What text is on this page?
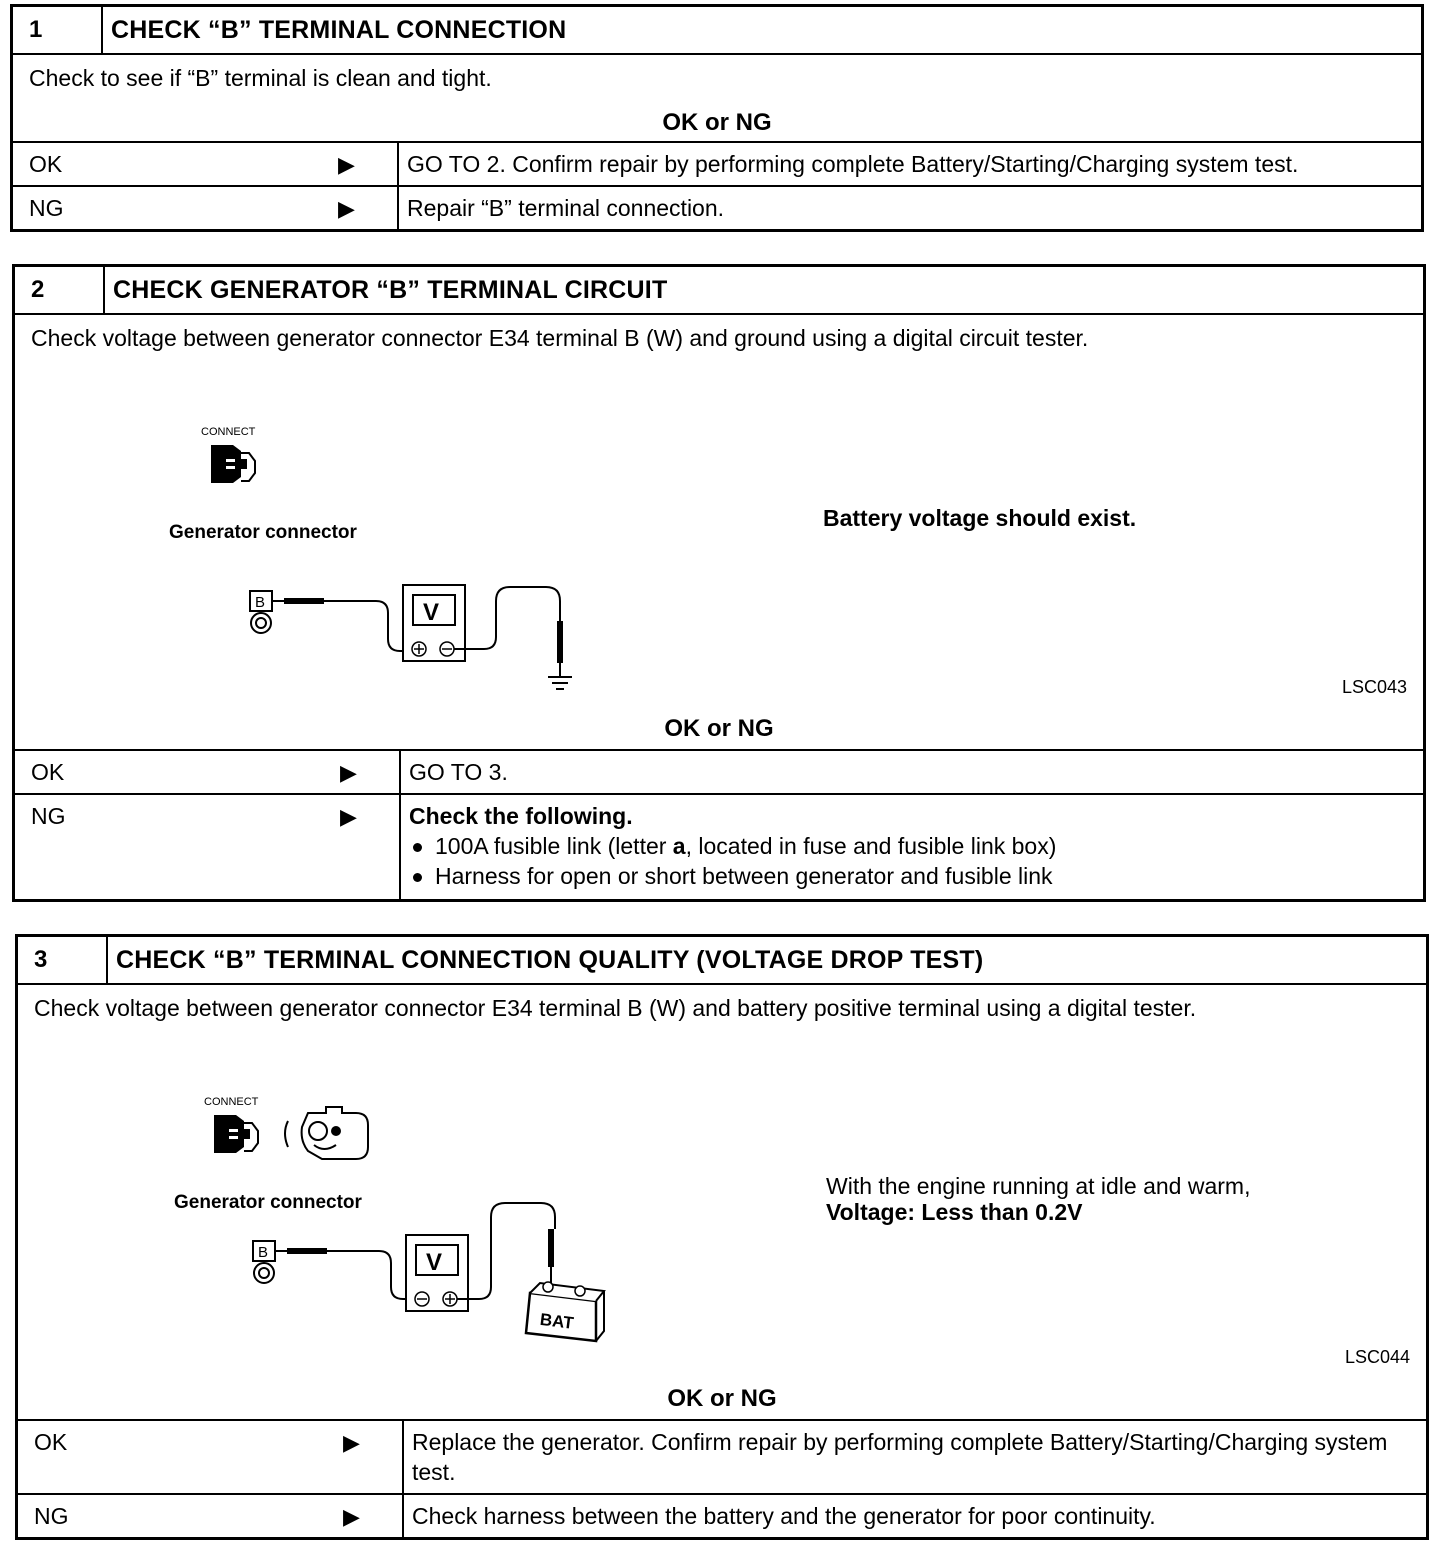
1	CHECK “B” TERMINAL CONNECTION
Check to see if “B” terminal is clean and tight.
OK or NG
OK	▶ GO TO 2. Confirm repair by performing complete Battery/Starting/Charging system test.
NG	▶ Repair “B” terminal connection.
2	CHECK GENERATOR “B” TERMINAL CIRCUIT
Check voltage between generator connector E34 terminal B (W) and ground using a digital circuit tester.
CONNECT
Generator connector
B	V
Battery voltage should exist.
LSC043
OK or NG
OK	▶ GO TO 3.
NG	▶ Check the following.
100A fusible link (letter a, located in fuse and fusible link box)
Harness for open or short between generator and fusible link
3	CHECK “B” TERMINAL CONNECTION QUALITY (VOLTAGE DROP TEST)
Check voltage between generator connector E34 terminal B (W) and battery positive terminal using a digital tester.
CONNECT
Generator connector
B	V
BAT
With the engine running at idle and warm,
Voltage: Less than 0.2V
LSC044
OK or NG
OK	▶ Replace the generator. Confirm repair by performing complete Battery/Starting/Charging system test.
NG	▶ Check harness between the battery and the generator for poor continuity.
